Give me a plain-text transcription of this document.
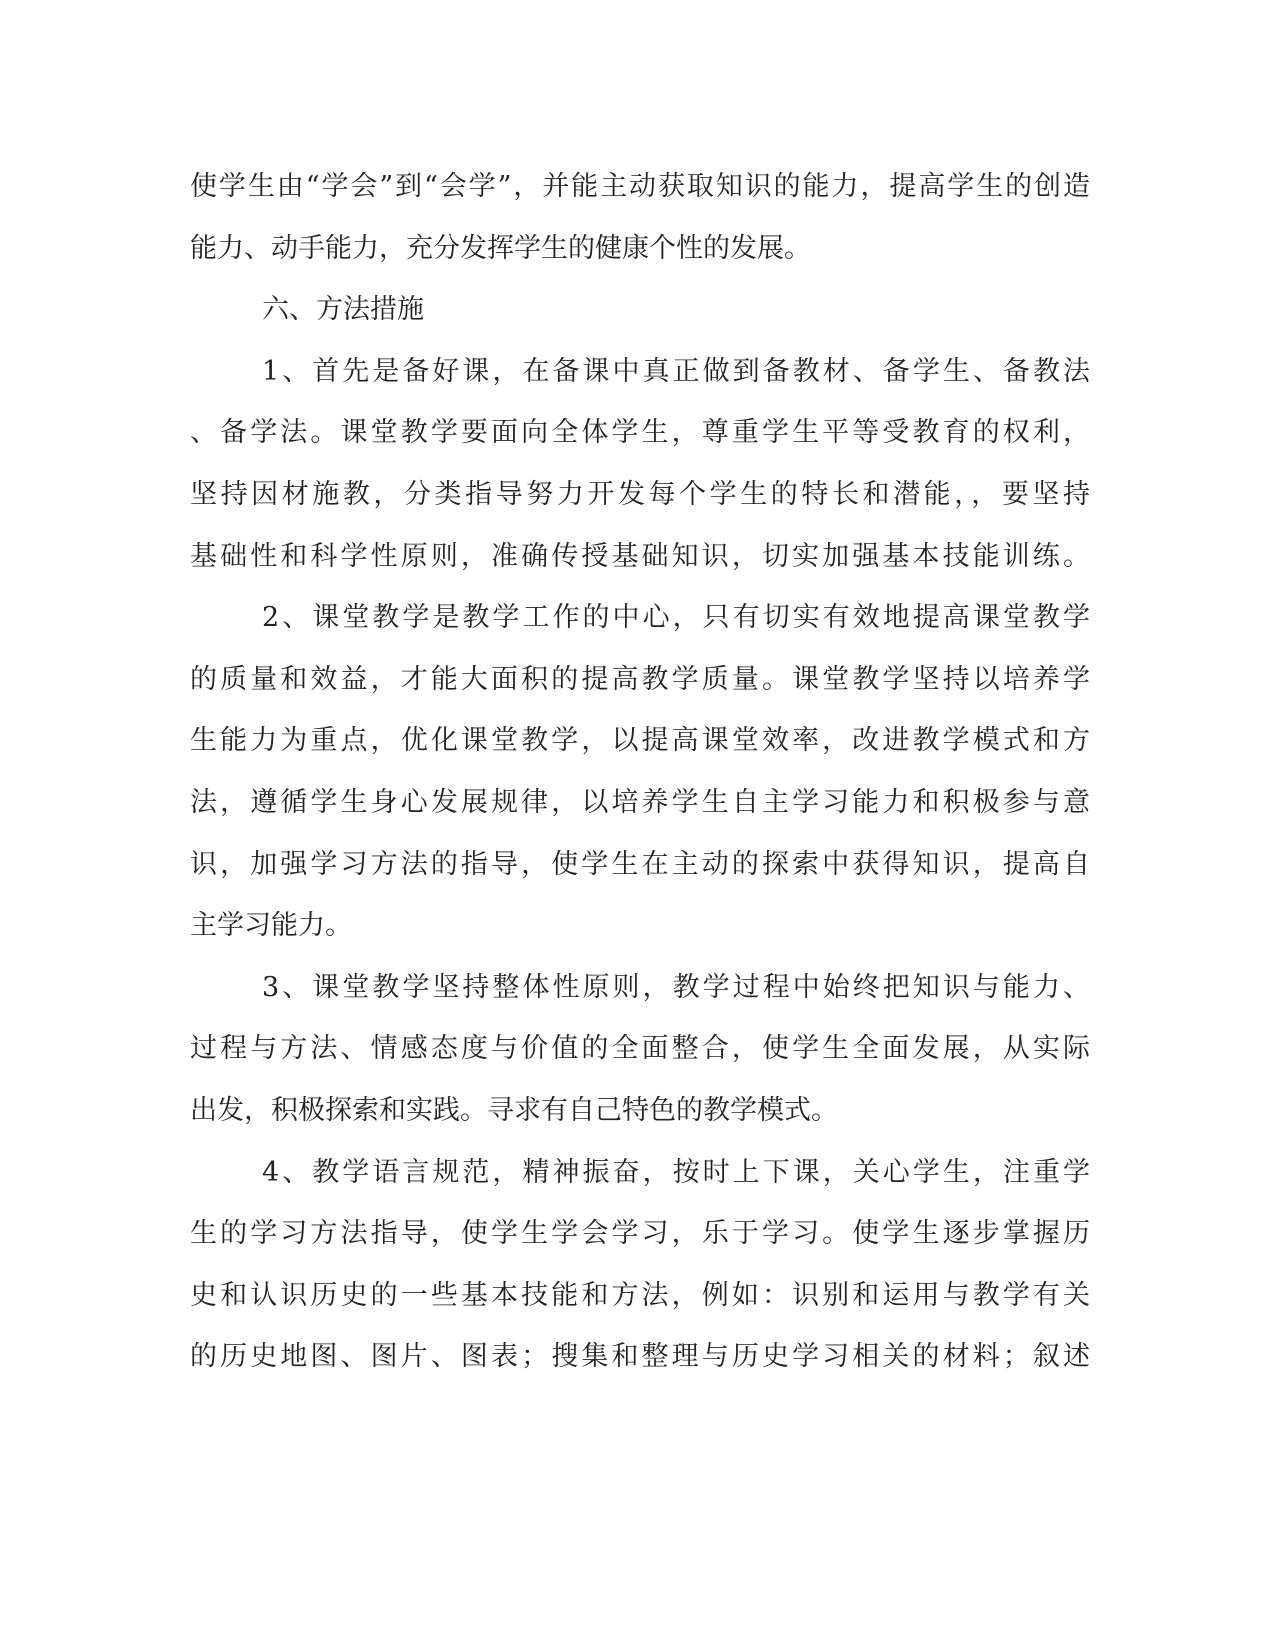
使学生由“学会”到“会学”，并能主动获取知识的能力，提高学生的创造
能力、动手能力，充分发挥学生的健康个性的发展。
六、方法措施
1、首先是备好课，在备课中真正做到备教材、备学生、备教法
、备学法。课堂教学要面向全体学生，尊重学生平等受教育的权利，
坚持因材施教，分类指导努力开发每个学生的特长和潜能，，要坚持
基础性和科学性原则，准确传授基础知识，切实加强基本技能训练。
2、课堂教学是教学工作的中心，只有切实有效地提高课堂教学
的质量和效益，才能大面积的提高教学质量。课堂教学坚持以培养学
生能力为重点，优化课堂教学，以提高课堂效率，改进教学模式和方
法，遵循学生身心发展规律，以培养学生自主学习能力和积极参与意
识，加强学习方法的指导，使学生在主动的探索中获得知识，提高自
主学习能力。
3、课堂教学坚持整体性原则，教学过程中始终把知识与能力、
过程与方法、情感态度与价值的全面整合，使学生全面发展，从实际
出发，积极探索和实践。寻求有自己特色的教学模式。
4、教学语言规范，精神振奋，按时上下课，关心学生，注重学
生的学习方法指导，使学生学会学习，乐于学习。使学生逐步掌握历
史和认识历史的一些基本技能和方法，例如：识别和运用与教学有关
的历史地图、图片、图表；搜集和整理与历史学习相关的材料；叙述
